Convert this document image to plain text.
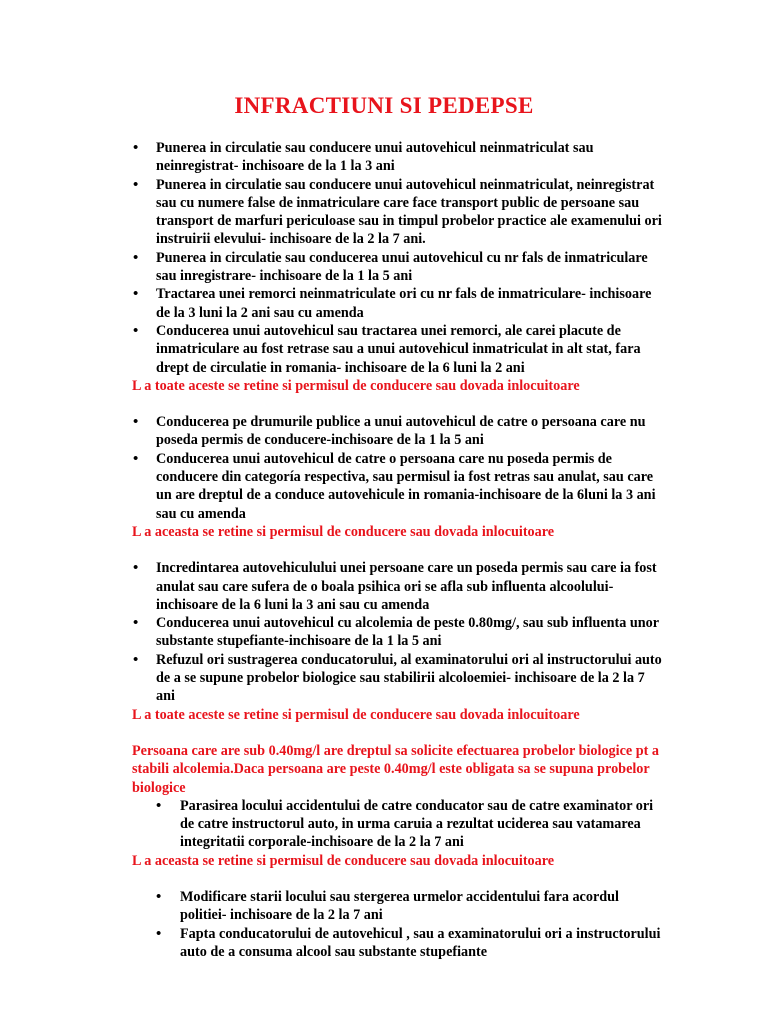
INFRACTIUNI SI PEDEPSE
• Punerea in circulatie sau conducere unui autovehicul neinmatriculat sau neinregistrat- inchisoare de la 1 la 3 ani
• Punerea in circulatie sau conducere unui autovehicul neinmatriculat, neinregistrat sau cu numere false de inmatriculare care face transport public de persoane sau transport de marfuri periculoase sau in timpul probelor practice ale examenului ori instruirii elevului- inchisoare de la 2 la 7 ani.
• Punerea in circulatie sau conducerea unui autovehicul cu nr fals de inmatriculare sau inregistrare- inchisoare de la 1 la 5 ani
• Tractarea unei remorci neinmatriculate ori cu nr fals de inmatriculare- inchisoare de la 3 luni la 2 ani sau cu amenda
• Conducerea unui autovehicul sau tractarea unei remorci, ale carei placute de inmatriculare au fost retrase sau a unui autovehicul inmatriculat in alt stat, fara drept de circulatie in romania- inchisoare de la 6 luni la 2 ani
L a toate aceste se retine si permisul de conducere sau dovada inlocuitoare
• Conducerea pe drumurile publice a unui autovehicul de catre o persoana care nu poseda permis de conducere-inchisoare de la 1 la 5 ani
• Conducerea unui autovehicul de catre o persoana care nu poseda permis de conducere din categoría respectiva, sau permisul ia fost retras sau anulat, sau care un are dreptul de a conduce autovehicule in romania-inchisoare de la 6luni la 3 ani sau cu amenda
L a aceasta se retine si permisul de conducere sau dovada inlocuitoare
• Incredintarea autovehiculului unei persoane care un poseda permis sau care ia fost anulat sau care sufera de o boala psihica ori se afla sub influenta alcoolului-inchisoare de la 6 luni la 3 ani sau cu amenda
• Conducerea unui autovehicul cu alcolemia de peste 0.80mg/, sau sub influenta unor substante stupefiante-inchisoare de la 1 la 5 ani
• Refuzul ori sustragerea conducatorului, al examinatorului ori al instructorului auto de a se supune probelor biologice sau stabilirii alcoloemiei- inchisoare de la 2 la 7 ani
L a toate aceste se retine si permisul de conducere sau dovada inlocuitoare
Persoana care are sub 0.40mg/l are dreptul sa solicite efectuarea probelor biologice pt a stabili alcolemia.Daca persoana are peste 0.40mg/l este obligata sa se supuna probelor biologice
• Parasirea locului accidentului de catre conducator sau de catre examinator ori de catre instructorul auto, in urma caruia a rezultat uciderea sau vatamarea integritatii corporale-inchisoare de la 2 la 7 ani
L a aceasta se retine si permisul de conducere sau dovada inlocuitoare
• Modificare starii locului sau stergerea urmelor accidentului fara acordul politiei- inchisoare de la 2 la 7 ani
• Fapta conducatorului de autovehicul , sau a examinatorului ori a instructorului auto de a consuma alcool sau substante stupefiante
